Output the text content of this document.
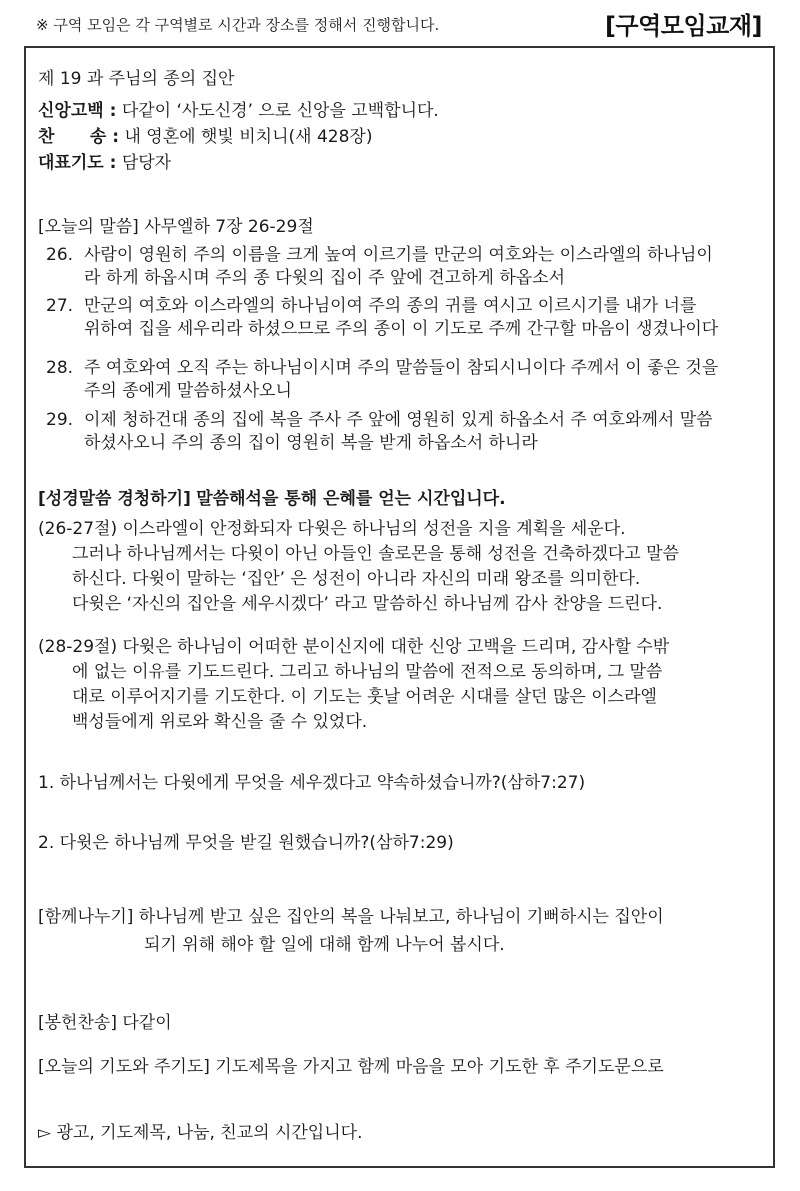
※ 구역 모임은 각 구역별로 시간과 장소를 정해서 진행합니다.	[구역모임교재]
제 19 과 주님의 종의 집안
신앙고백 : 다같이 ‘사도신경’ 으로 신앙을 고백합니다.
찬      송 : 내 영혼에 햇빛 비치니(새 428장)
대표기도 : 담당자
[오늘의 말씀] 사무엘하 7장 26-29절
26. 사람이 영원히 주의 이름을 크게 높여 이르기를 만군의 여호와는 이스라엘의 하나님이
라 하게 하옵시며 주의 종 다윗의 집이 주 앞에 견고하게 하옵소서
27. 만군의 여호와 이스라엘의 하나님이여 주의 종의 귀를 여시고 이르시기를 내가 너를
위하여 집을 세우리라 하셨으므로 주의 종이 이 기도로 주께 간구할 마음이 생겼나이다
28. 주 여호와여 오직 주는 하나님이시며 주의 말씀들이 참되시니이다 주께서 이 좋은 것을
주의 종에게 말씀하셨사오니
29. 이제 청하건대 종의 집에 복을 주사 주 앞에 영원히 있게 하옵소서 주 여호와께서 말씀
하셨사오니 주의 종의 집이 영원히 복을 받게 하옵소서 하니라
[성경말씀 경청하기] 말씀해석을 통해 은혜를 얻는 시간입니다.
(26-27절) 이스라엘이 안정화되자 다윗은 하나님의 성전을 지을 계획을 세운다.
그러나 하나님께서는 다윗이 아닌 아들인 솔로몬을 통해 성전을 건축하겠다고 말씀
하신다. 다윗이 말하는 ‘집안’ 은 성전이 아니라 자신의 미래 왕조를 의미한다.
다윗은 ‘자신의 집안을 세우시겠다’ 라고 말씀하신 하나님께 감사 찬양을 드린다.
(28-29절) 다윗은 하나님이 어떠한 분이신지에 대한 신앙 고백을 드리며, 감사할 수밖
에 없는 이유를 기도드린다. 그리고 하나님의 말씀에 전적으로 동의하며, 그 말씀
대로 이루어지기를 기도한다. 이 기도는 훗날 어려운 시대를 살던 많은 이스라엘
백성들에게 위로와 확신을 줄 수 있었다.
1. 하나님께서는 다윗에게 무엇을 세우겠다고 약속하셨습니까?(삼하7:27)
2. 다윗은 하나님께 무엇을 받길 원했습니까?(삼하7:29)
[함께나누기] 하나님께 받고 싶은 집안의 복을 나눠보고, 하나님이 기뻐하시는 집안이
되기 위해 해야 할 일에 대해 함께 나누어 봅시다.
[봉헌찬송] 다같이
[오늘의 기도와 주기도] 기도제목을 가지고 함께 마음을 모아 기도한 후 주기도문으로
▻ 광고, 기도제목, 나눔, 친교의 시간입니다.
